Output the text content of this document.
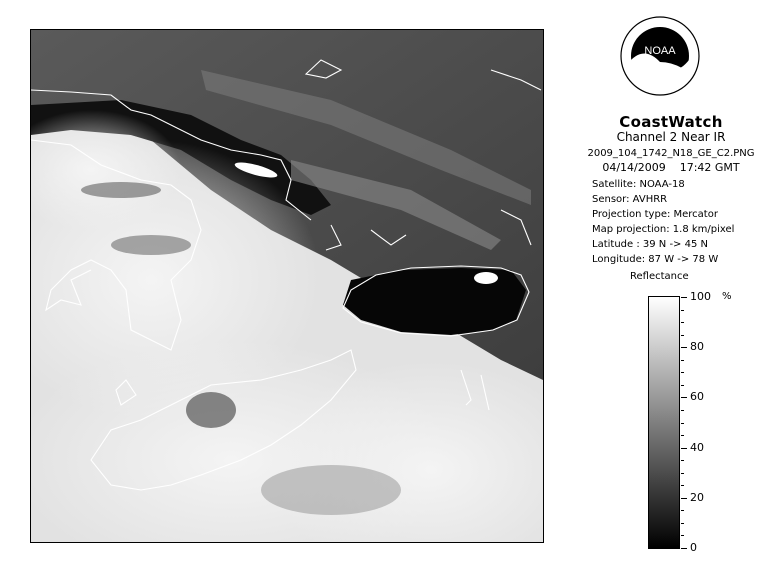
NOAA
CoastWatch
Channel 2 Near IR
2009_104_1742_N18_GE_C2.PNG
04/14/2009    17:42 GMT
Satellite: NOAA-18
Sensor: AVHRR
Projection type: Mercator
Map projection: 1.8 km/pixel
Latitude : 39 N -> 45 N
Longitude: 87 W -> 78 W
Reflectance
%
0
20
40
60
80
100
